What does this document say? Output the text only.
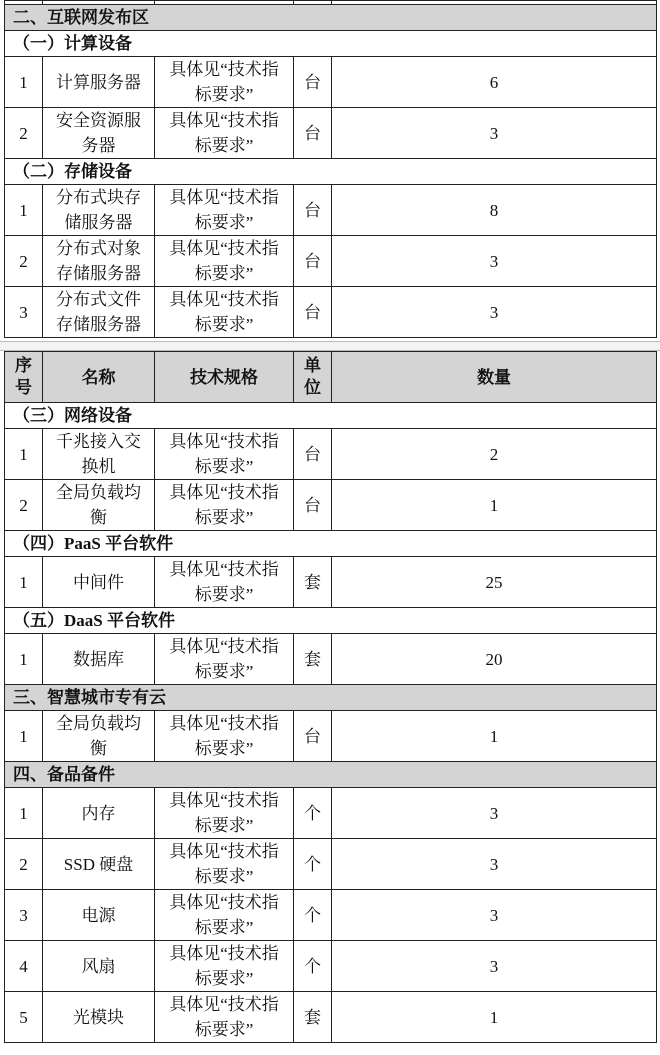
二、互联网发布区				
（一）计算设备				
1	计算服务器	具体见“技术指标要求”	台	6
2	安全资源服务器	具体见“技术指标要求”	台	3
（二）存储设备				
1	分布式块存储服务器	具体见“技术指标要求”	台	8
2	分布式对象存储服务器	具体见“技术指标要求”	台	3
3	分布式文件存储服务器	具体见“技术指标要求”	台	3
序号	名称	技术规格	单位	数量
（三）网络设备				
1	千兆接入交换机	具体见“技术指标要求”	台	2
2	全局负载均衡	具体见“技术指标要求”	台	1
（四）PaaS 平台软件				
1	中间件	具体见“技术指标要求”	套	25
（五）DaaS 平台软件				
1	数据库	具体见“技术指标要求”	套	20
三、智慧城市专有云				
1	全局负载均衡	具体见“技术指标要求”	台	1
四、备品备件				
1	内存	具体见“技术指标要求”	个	3
2	SSD 硬盘	具体见“技术指标要求”	个	3
3	电源	具体见“技术指标要求”	个	3
4	风扇	具体见“技术指标要求”	个	3
5	光模块	具体见“技术指标要求”	套	1
